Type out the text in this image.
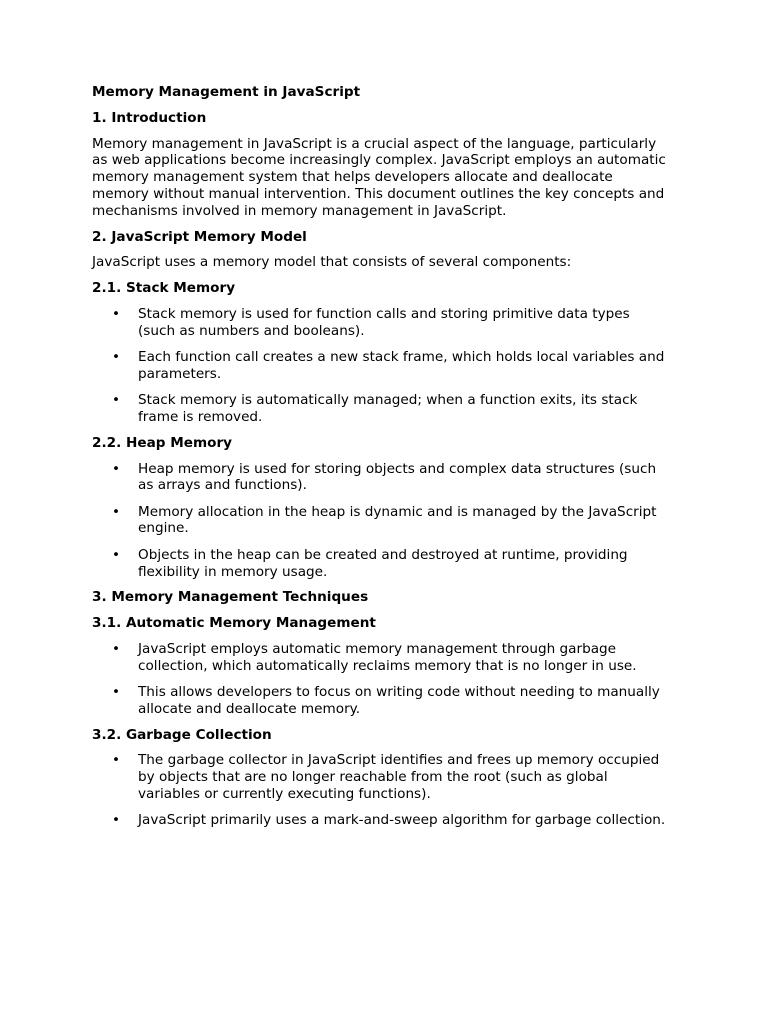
Memory Management in JavaScript
1. Introduction

Memory management in JavaScript is a crucial aspect of the language, particularly as web applications become increasingly complex. JavaScript employs an automatic memory management system that helps developers allocate and deallocate memory without manual intervention. This document outlines the key concepts and mechanisms involved in memory management in JavaScript.

2. JavaScript Memory Model

JavaScript uses a memory model that consists of several components:

2.1. Stack Memory
• Stack memory is used for function calls and storing primitive data types (such as numbers and booleans).
• Each function call creates a new stack frame, which holds local variables and parameters.
• Stack memory is automatically managed; when a function exits, its stack frame is removed.
2.2. Heap Memory
• Heap memory is used for storing objects and complex data structures (such as arrays and functions).
• Memory allocation in the heap is dynamic and is managed by the JavaScript engine.
• Objects in the heap can be created and destroyed at runtime, providing flexibility in memory usage.
3. Memory Management Techniques
3.1. Automatic Memory Management
• JavaScript employs automatic memory management through garbage collection, which automatically reclaims memory that is no longer in use.
• This allows developers to focus on writing code without needing to manually allocate and deallocate memory.
3.2. Garbage Collection
• The garbage collector in JavaScript identifies and frees up memory occupied by objects that are no longer reachable from the root (such as global variables or currently executing functions).
• JavaScript primarily uses a mark-and-sweep algorithm for garbage collection.
